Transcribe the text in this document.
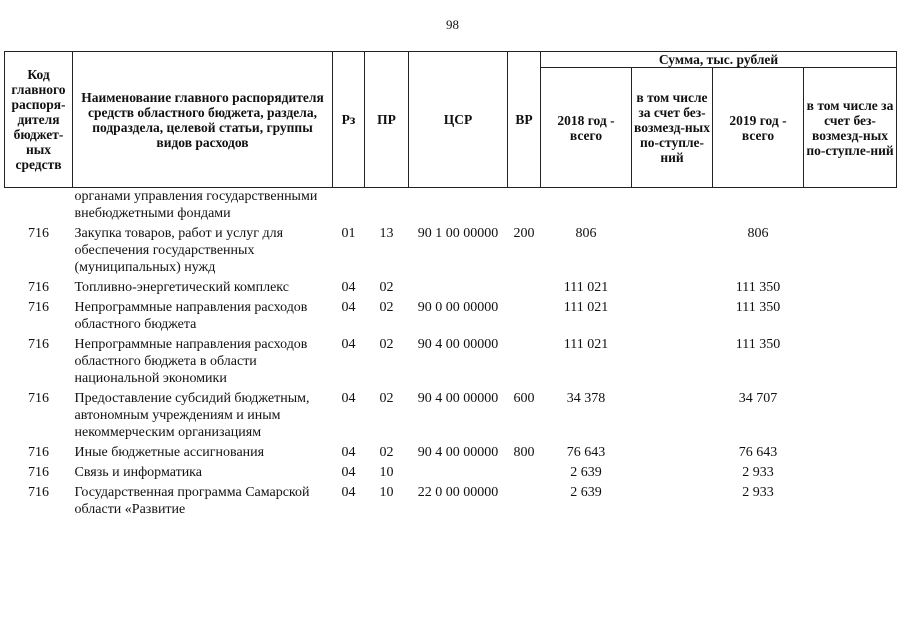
98
Код главного распоря-дителя бюджет-ных средств	Наименование главного распорядителя средств областного бюджета, раздела, подраздела, целевой статьи, группы видов расходов	Рз	ПР	ЦСР	ВР	Сумма, тыс. рублей			
						2018 год - всего	в том числе за счет без-возмезд-ных по-ступле-ний	2019 год - всего	в том числе за счет без-возмезд-ных по-ступле-ний
	органами управления государственными внебюджетными фондами								
716	Закупка товаров, работ и услуг для обеспечения государственных (муниципальных) нужд	01	13	90 1 00 00000	200	806		806	
716	Топливно-энергетический комплекс	04	02			111 021		111 350	
716	Непрограммные направления расходов областного бюджета	04	02	90 0 00 00000		111 021		111 350	
716	Непрограммные направления расходов областного бюджета в области национальной экономики	04	02	90 4 00 00000		111 021		111 350	
716	Предоставление субсидий бюджетным, автономным учреждениям и иным некоммерческим организациям	04	02	90 4 00 00000	600	34 378		34 707	
716	Иные бюджетные ассигнования	04	02	90 4 00 00000	800	76 643		76 643	
716	Связь и информатика	04	10			2 639		2 933	
716	Государственная программа Самарской области «Развитие	04	10	22 0 00 00000		2 639		2 933	
